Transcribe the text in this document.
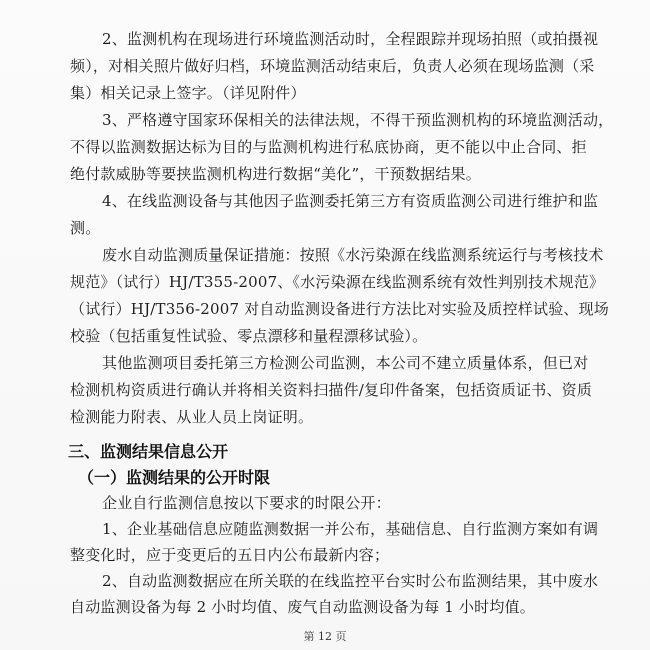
2、监测机构在现场进行环境监测活动时，全程跟踪并现场拍照（或拍摄视
频），对相关照片做好归档，环境监测活动结束后，负责人必须在现场监测（采
集）相关记录上签字。（详见附件）
3、严格遵守国家环保相关的法律法规，不得干预监测机构的环境监测活动，
不得以监测数据达标为目的与监测机构进行私底协商，更不能以中止合同、拒
绝付款威胁等要挟监测机构进行数据“美化”，干预数据结果。
4、在线监测设备与其他因子监测委托第三方有资质监测公司进行维护和监
测。
废水自动监测质量保证措施：按照《水污染源在线监测系统运行与考核技术
规范》（试行）HJ/T355-2007、《水污染源在线监测系统有效性判别技术规范》
（试行）HJ/T356-2007 对自动监测设备进行方法比对实验及质控样试验、现场
校验（包括重复性试验、零点漂移和量程漂移试验）。
其他监测项目委托第三方检测公司监测，本公司不建立质量体系，但已对
检测机构资质进行确认并将相关资料扫描件/复印件备案，包括资质证书、资质
检测能力附表、从业人员上岗证明。
三、监测结果信息公开
（一）监测结果的公开时限
企业自行监测信息按以下要求的时限公开：
1、企业基础信息应随监测数据一并公布，基础信息、自行监测方案如有调
整变化时，应于变更后的五日内公布最新内容；
2、自动监测数据应在所关联的在线监控平台实时公布监测结果，其中废水
自动监测设备为每 2 小时均值、废气自动监测设备为每 1 小时均值。
第 12 页
